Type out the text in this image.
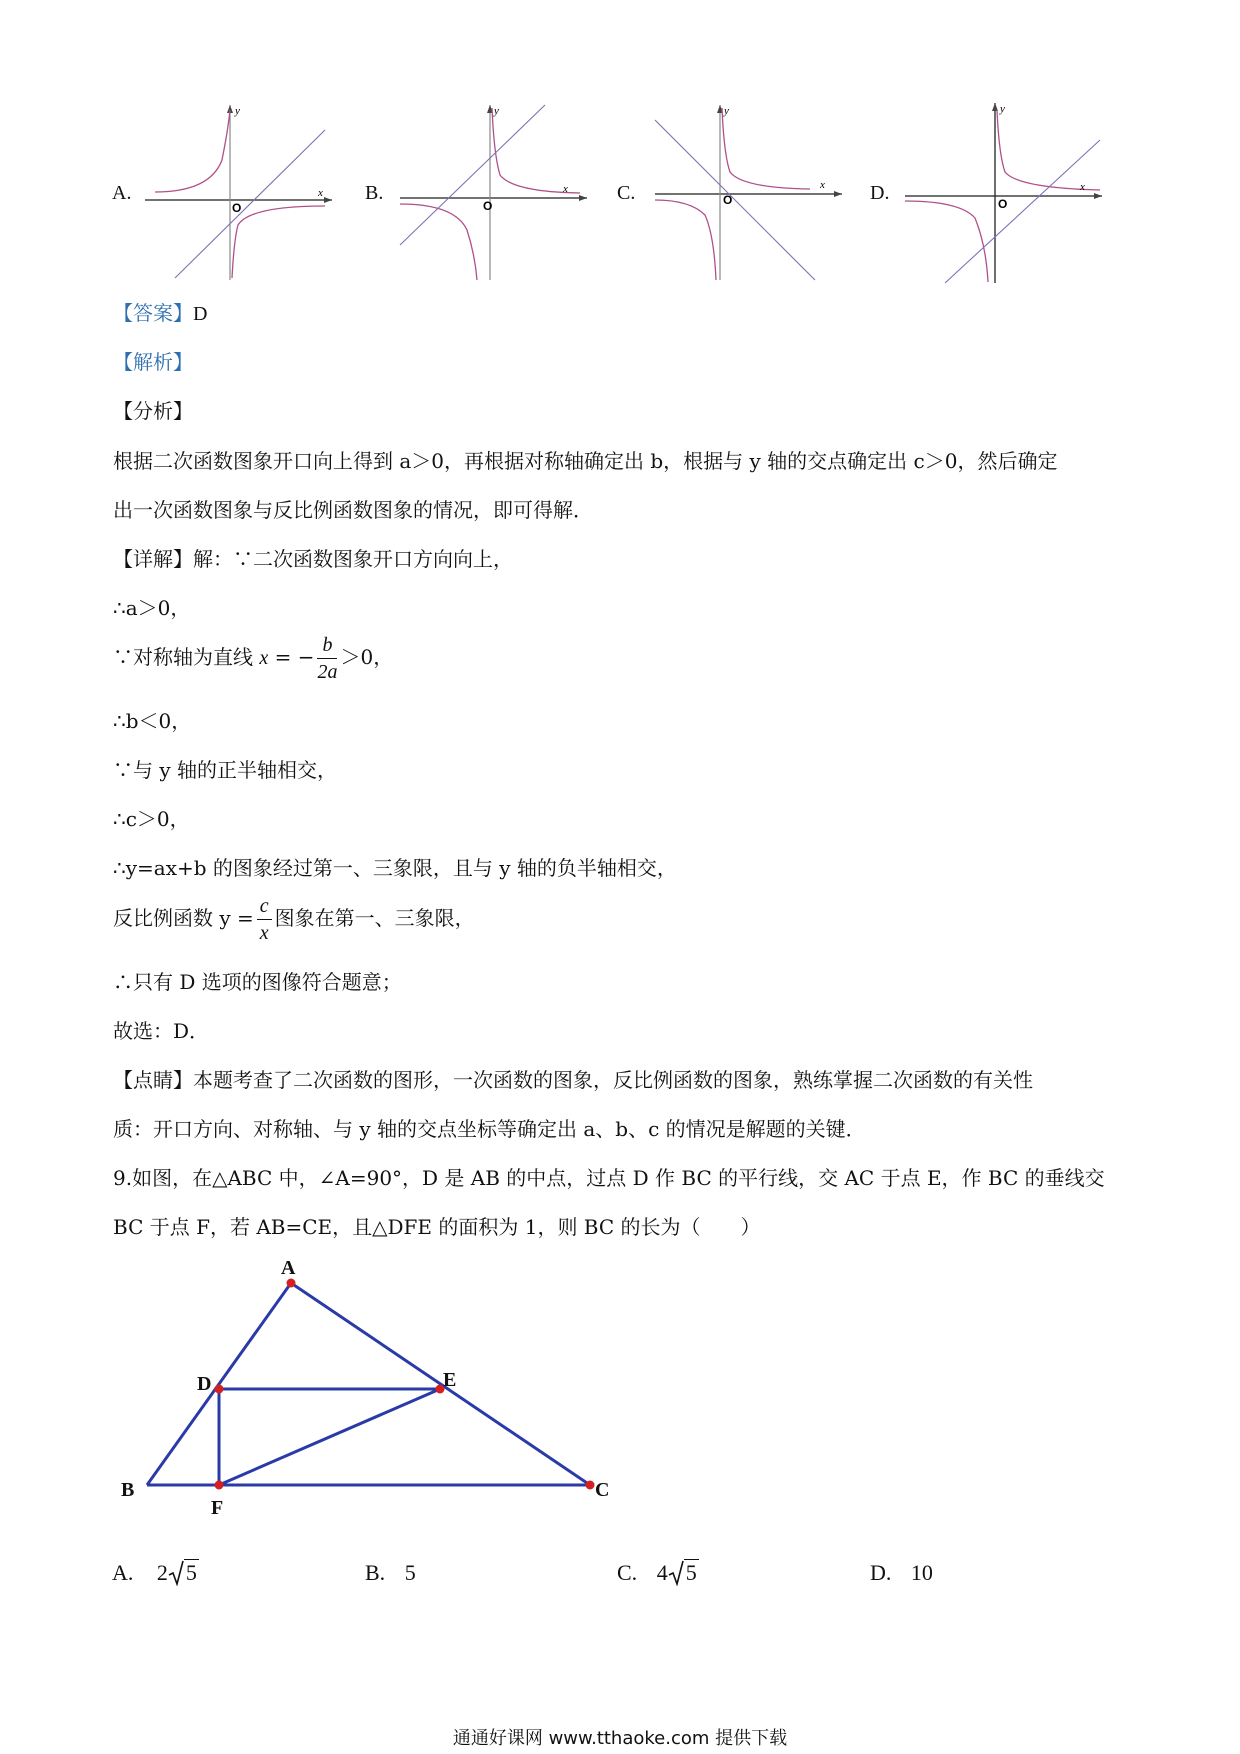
A.	x
y
O
B.	x
y
O
C.	x
y
O	D.	x
y
O
【答案】D
【解析】
【分析】
根据二次函数图象开口向上得到 a＞0，再根据对称轴确定出 b，根据与 y 轴的交点确定出 c＞0，然后确定
出一次函数图象与反比例函数图象的情况，即可得解．
【详解】解：∵二次函数图象开口方向向上，
∴a＞0，
∵对称轴为直线 x = − $\frac{b}{2a} >0$，
∴b＜0，
∵与 y 轴的正半轴相交，
∴c＞0，
∴y=ax+b 的图象经过第一、三象限，且与 y 轴的负半轴相交，
反比例函数 $y = \frac{c}{x}$ 图象在第一、三象限，
∴只有 D 选项的图像符合题意；
故选：D．
【点睛】本题考查了二次函数的图形，一次函数的图象，反比例函数的图象，熟练掌握二次函数的有关性
质：开口方向、对称轴、与 y 轴的交点坐标等确定出 a、b、c 的情况是解题的关键．
9.如图，在△ABC 中，∠A=90°，D 是 AB 的中点，过点 D 作 BC 的平行线，交 AC 于点 E，作 BC 的垂线交
BC 于点 F，若 AB=CE，且△DFE 的面积为 1，则 BC 的长为（　　）
A
D	E
B
F
C
A. 2 5	B. 5	C. 4 5	D. 10
通通好课网 www.tthaoke.com 提供下载
